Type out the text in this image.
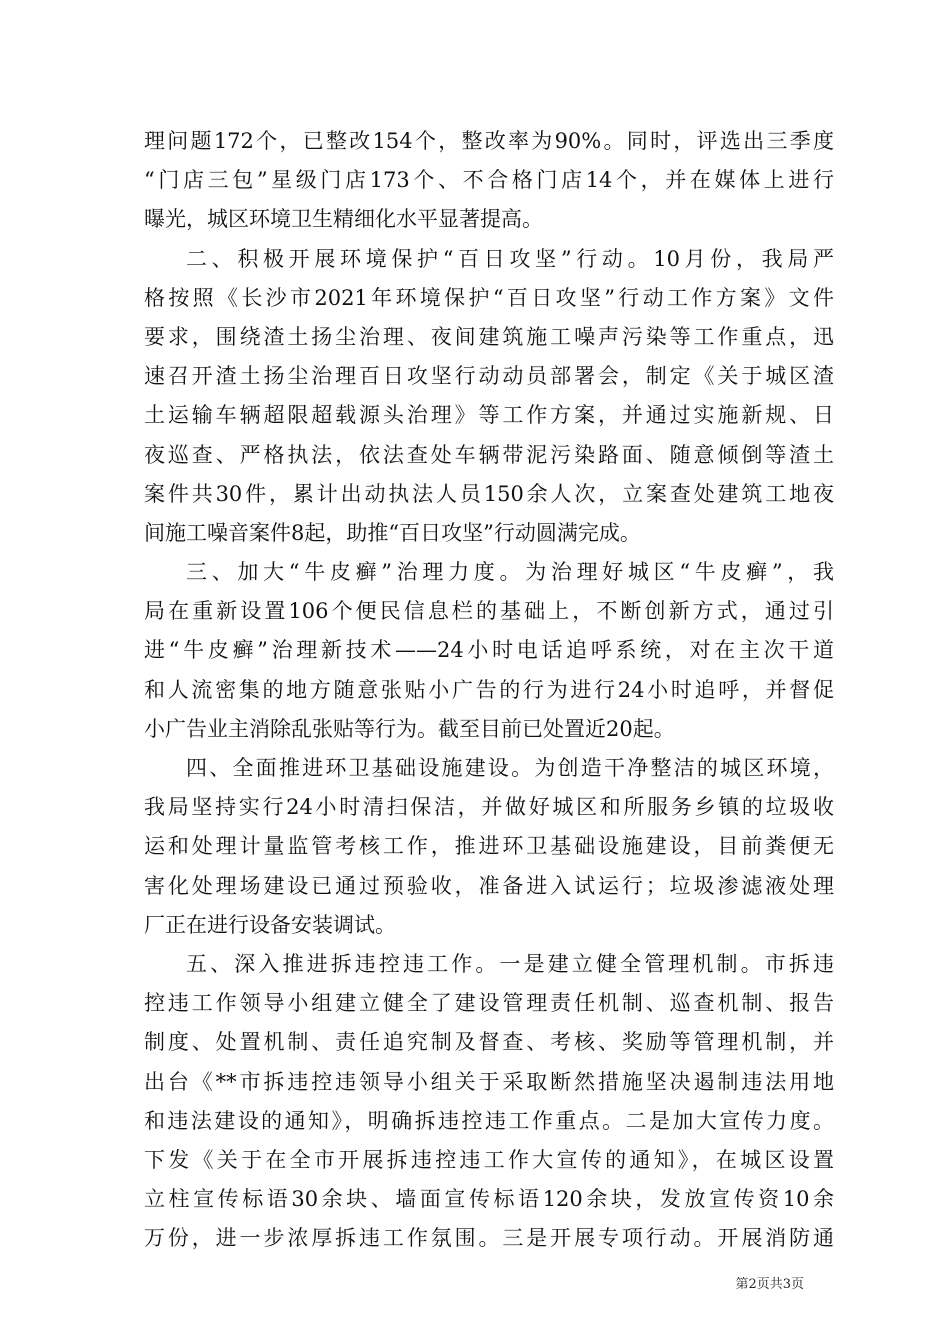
理问题172个，已整改154个，整改率为90%。同时，评选出三季度
“门店三包”星级门店173个、不合格门店14个，并在媒体上进行
曝光，城区环境卫生精细化水平显著提高。
二、积极开展环境保护“百日攻坚”行动。10月份，我局严
格按照《长沙市2021年环境保护“百日攻坚”行动工作方案》文件
要求，围绕渣土扬尘治理、夜间建筑施工噪声污染等工作重点，迅
速召开渣土扬尘治理百日攻坚行动动员部署会，制定《关于城区渣
土运输车辆超限超载源头治理》等工作方案，并通过实施新规、日
夜巡查、严格执法，依法查处车辆带泥污染路面、随意倾倒等渣土
案件共30件，累计出动执法人员150余人次，立案查处建筑工地夜
间施工噪音案件8起，助推“百日攻坚”行动圆满完成。
三、加大“牛皮癣”治理力度。为治理好城区“牛皮癣”，我
局在重新设置106个便民信息栏的基础上，不断创新方式，通过引
进“牛皮癣”治理新技术——24小时电话追呼系统，对在主次干道
和人流密集的地方随意张贴小广告的行为进行24小时追呼，并督促
小广告业主消除乱张贴等行为。截至目前已处置近20起。
四、全面推进环卫基础设施建设。为创造干净整洁的城区环境，
我局坚持实行24小时清扫保洁，并做好城区和所服务乡镇的垃圾收
运和处理计量监管考核工作，推进环卫基础设施建设，目前粪便无
害化处理场建设已通过预验收，准备进入试运行；垃圾渗滤液处理
厂正在进行设备安装调试。
五、深入推进拆违控违工作。一是建立健全管理机制。市拆违
控违工作领导小组建立健全了建设管理责任机制、巡查机制、报告
制度、处置机制、责任追究制及督查、考核、奖励等管理机制，并
出台《**市拆违控违领导小组关于采取断然措施坚决遏制违法用地
和违法建设的通知》，明确拆违控违工作重点。二是加大宣传力度。
下发《关于在全市开展拆违控违工作大宣传的通知》，在城区设置
立柱宣传标语30余块、墙面宣传标语120余块，发放宣传资10余
万份，进一步浓厚拆违工作氛围。三是开展专项行动。开展消防通
第2页共3页
